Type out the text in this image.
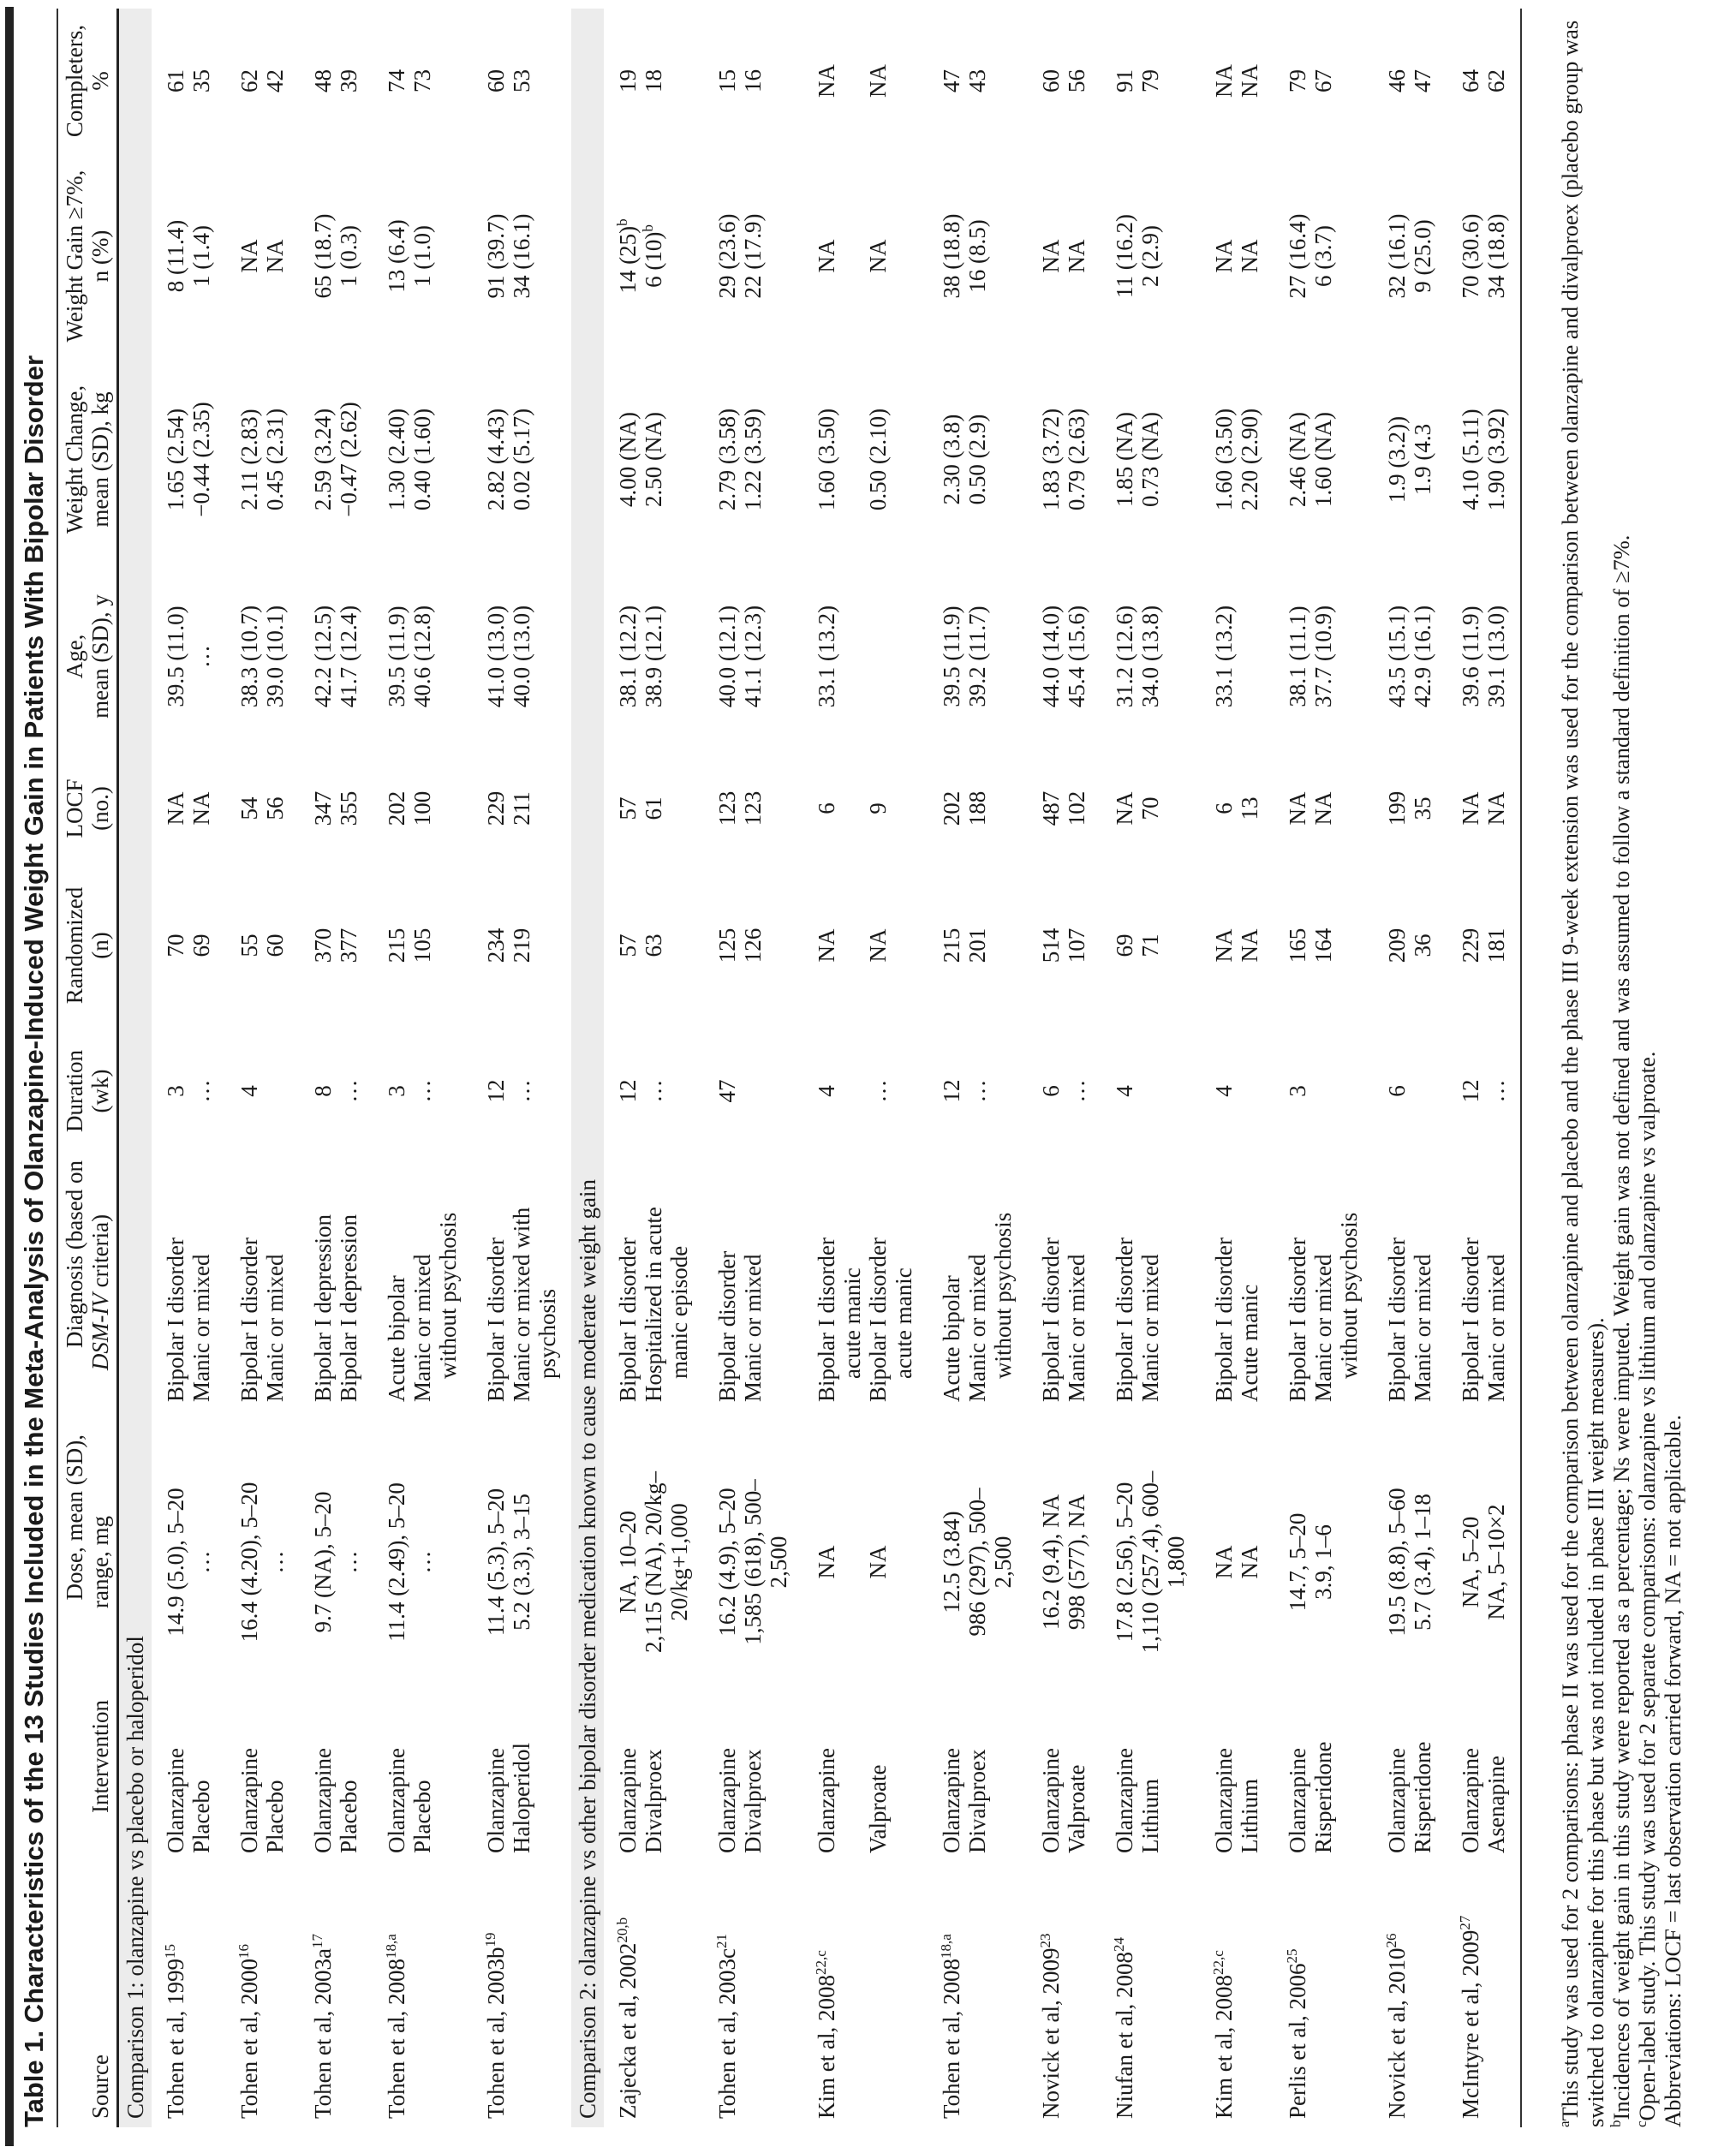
Table 1. Characteristics of the 13 Studies Included in the Meta-Analysis of Olanzapine-Induced Weight Gain in Patients With Bipolar Disorder Source	Intervention	Dose, mean (SD), range, mg	Diagnosis (based on DSM-IV criteria)	Duration (wk)	Randomized (n)	LOCF (no.)	Age, mean (SD), y	Weight Change, mean (SD), kg	Weight Gain ≥7%, n (%)	Completers, %

Comparison 1: olanzapine vs placebo or haloperidol										
Tohen et al, 1999$^{15}$	Olanzapine	14.9 (5.0), 5–20	Bipolar I disorder	3	70	NA	39.5 (11.0)	1.65 (2.54)	8 (11.4)	61
	Placebo	…	Manic or mixed	…	69	NA	…	−0.44 (2.35)	1 (1.4)	35
Tohen et al, 2000$^{16}$	Olanzapine	16.4 (4.20), 5–20	Bipolar I disorder	4	55	54	38.3 (10.7)	2.11 (2.83)	NA	62
	Placebo	…	Manic or mixed		60	56	39.0 (10.1)	0.45 (2.31)	NA	42
Tohen et al, $2003a^{17}$	Olanzapine	9.7 (NA), 5–20	Bipolar I depression	8	370	347	42.2 (12.5)	2.59 (3.24)	65 (18.7)	48
	Placebo	…	Bipolar I depression	…	377	355	41.7 (12.4)	−0.47 (2.62)	1 (0.3)	39
Tohen et al, 2008$^{18,a}$	Olanzapine	11.4 (2.49), 5–20	Acute bipolar	3	215	202	39.5 (11.9)	1.30 (2.40)	13 (6.4)	74
	Placebo	…	Manic or mixed without psychosis	…	105	100	40.6 (12.8)	0.40 (1.60)	1 (1.0)	73
Tohen et al, $2003b^{19}$	Olanzapine	11.4 (5.3), 5–20	Bipolar I disorder	12	234	229	41.0 (13.0)	2.82 (4.43)	91 (39.7)	60
	Haloperidol	5.2 (3.3), 3–15	Manic or mixed with psychosis	…	219	211	40.0 (13.0)	0.02 (5.17)	34 (16.1)	53
Comparison 2: olanzapine vs other bipolar disorder medication known to cause moderate weight gain										
Zajecka et al, 2002$^{20,b}$	Olanzapine	NA, 10–20	Bipolar I disorder	12	57	57	38.1 (12.2)	4.00 (NA)	14 $(25)^b$	19
	Divalproex	2,115 (NA), 20/kg–20/kg+1,000	Hospitalized in acute manic episode	…	63	61	38.9 (12.1)	2.50 (NA)	6 $(10)^b$	18
Tohen et al, $2003c^{21}$	Olanzapine	16.2 (4.9), 5–20	Bipolar disorder	47	125	123	40.0 (12.1)	2.79 (3.58)	29 (23.6)	15
	Divalproex	1,585 (618), 500–2,500	Manic or mixed		126	123	41.1 (12.3)	1.22 (3.59)	22 (17.9)	16
Kim et al, 2008$^{22,c}$	Olanzapine	NA	Bipolar I disorder acute manic	4	NA	6	33.1 (13.2)	1.60 (3.50)	NA	NA
	Valproate	NA	Bipolar I disorder acute manic	…	NA	9		0.50 (2.10)	NA	NA
Tohen et al, 2008$^{18,a}$	Olanzapine	12.5 (3.84)	Acute bipolar	12	215	202	39.5 (11.9)	2.30 (3.8)	38 (18.8)	47
	Divalproex	986 (297), 500–2,500	Manic or mixed without psychosis	…	201	188	39.2 (11.7)	0.50 (2.9)	16 (8.5)	43
Novick et al, 2009$^{23}$	Olanzapine	16.2 (9.4), NA	Bipolar I disorder	6	514	487	44.0 (14.0)	1.83 (3.72)	NA	60
	Valproate	998 (577), NA	Manic or mixed	…	107	102	45.4 (15.6)	0.79 (2.63)	NA	56
Niufan et al, 2008$^{24}$	Olanzapine	17.8 (2.56), 5–20	Bipolar I disorder	4	69	NA	31.2 (12.6)	1.85 (NA)	11 (16.2)	91
	Lithium	1,110 (257.4), 600–1,800	Manic or mixed		71	70	34.0 (13.8)	0.73 (NA)	2 (2.9)	79
Kim et al, 2008$^{22,c}$	Olanzapine	NA	Bipolar I disorder	4	NA	6	33.1 (13.2)	1.60 (3.50)	NA	NA
	Lithium	NA	Acute manic		NA	13		2.20 (2.90)	NA	NA
Perlis et al, 2006$^{25}$	Olanzapine	14.7, 5–20	Bipolar I disorder	3	165	NA	38.1 (11.1)	2.46 (NA)	27 (16.4)	79
	Risperidone	3.9, 1–6	Manic or mixed without psychosis		164	NA	37.7 (10.9)	1.60 (NA)	6 (3.7)	67
Novick et al, 2010$^{26}$	Olanzapine	19.5 (8.8), 5–60	Bipolar I disorder	6	209	199	43.5 (15.1)	1.9 (3.2))	32 (16.1)	46
	Risperidone	5.7 (3.4), 1–18	Manic or mixed		36	35	42.9 (16.1)	1.9 (4.3	9 (25.0)	47
McIntyre et al, 2009$^{27}$	Olanzapine	NA, 5–20	Bipolar I disorder	12	229	NA	39.6 (11.9)	4.10 (5.11)	70 (30.6)	64
	Asenapine	NA, 5–10×2	Manic or mixed	…	181	NA	39.1 (13.0)	1.90 (3.92)	34 (18.8)	62

$^a$This study was used for 2 comparisons: phase II was used for the comparison between olanzapine and placebo and the phase III 9-week extension was used for the comparison between olanzapine and divalproex (placebo group was switched to olanzapine for this phase but was not included in phase III weight measures). $^b$Incidences of weight gain in this study were reported as a percentage; Ns were imputed. Weight gain was not defined and was assumed to follow a standard definition of ≥7%.

$^c$Open-label study. This study was used for 2 separate comparisons: olanzapine vs lithium and olanzapine vs valproate. Abbreviations: LOCF = last observation carried forward, NA = not applicable.
